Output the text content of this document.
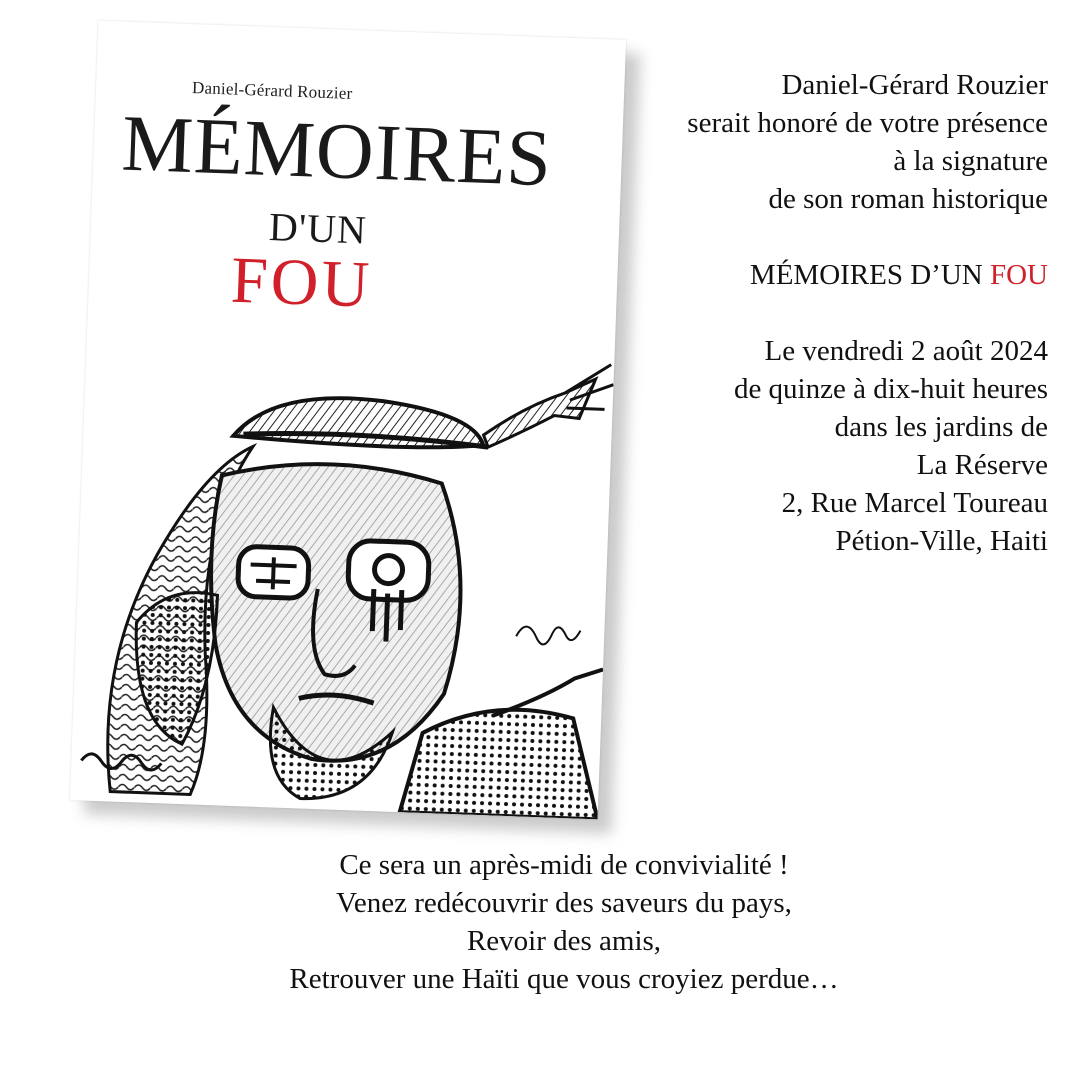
Daniel-Gérard Rouzier
MÉMOIRES
D'UN
FOU

Daniel-Gérard Rouzier

serait honoré de votre présence

à la signature

de son roman historique

MÉMOIRES D’UN FOU

Le vendredi 2 août 2024

de quinze à dix-huit heures

dans les jardins de

La Réserve

2, Rue Marcel Toureau

Pétion-Ville, Haiti

Ce sera un après-midi de convivialité !

Venez redécouvrir des saveurs du pays,

Revoir des amis,

Retrouver une Haïti que vous croyiez perdue…
